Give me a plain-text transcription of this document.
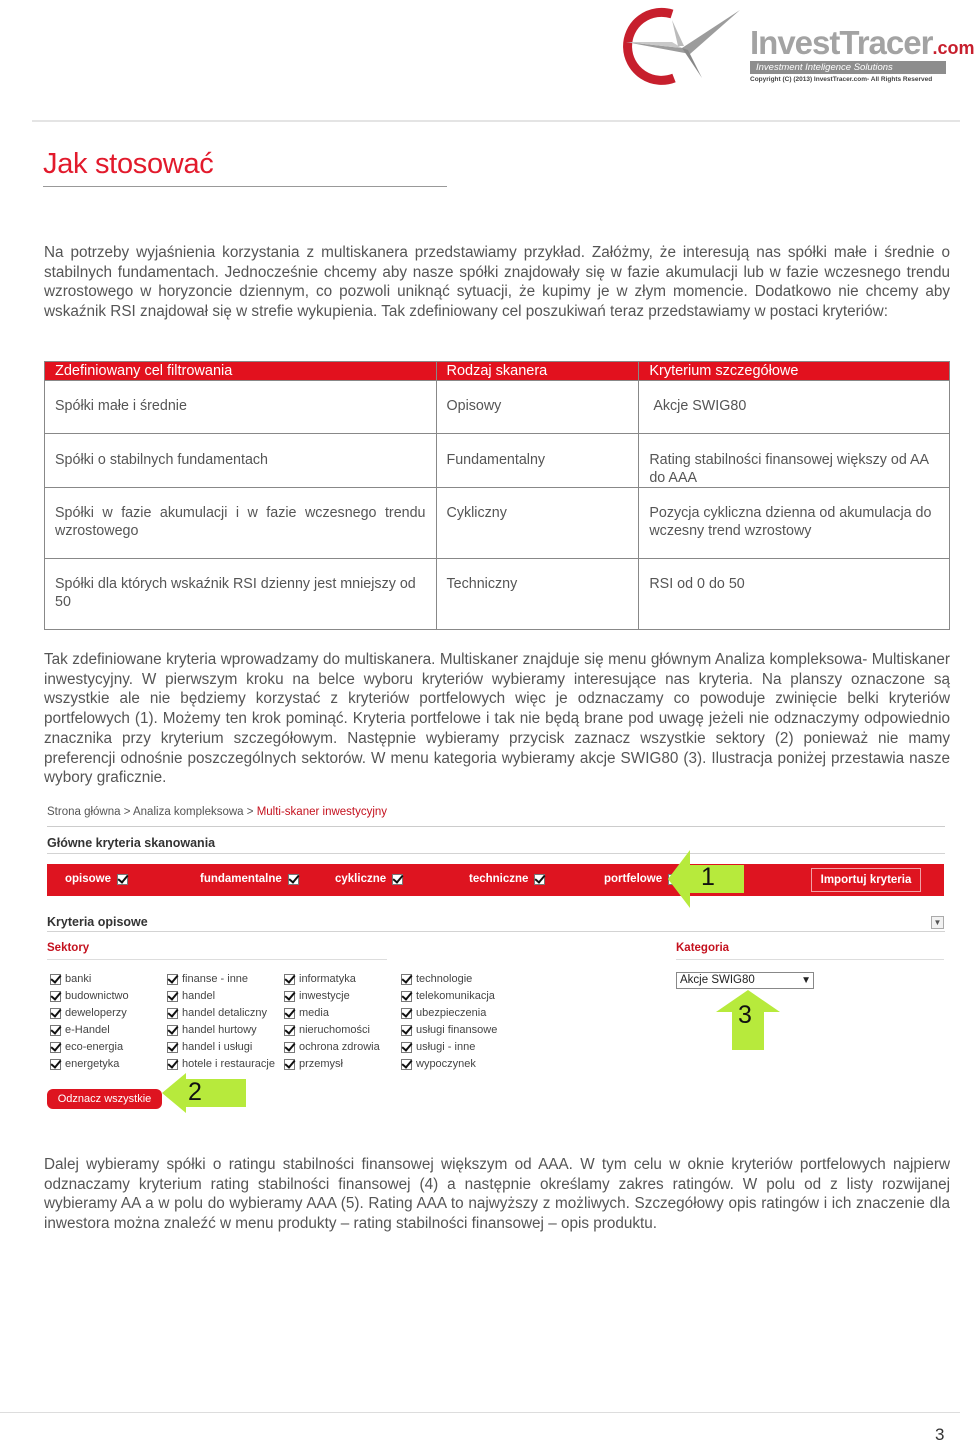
InvestTracer.com
Investment Inteligence Solutions
Copyright (C) (2013) InvestTracer.com- All Rights Reserved
Jak stosować

Na potrzeby wyjaśnienia korzystania z multiskanera przedstawiamy przykład. Załóżmy, że interesują nas spółki małe i średnie o stabilnych fundamentach. Jednocześnie chcemy aby nasze spółki znajdowały się w fazie akumulacji lub w fazie wczesnego trendu wzrostowego w horyzoncie dziennym, co pozwoli uniknąć sytuacji, że kupimy je w złym momencie. Dodatkowo nie chcemy aby wskaźnik RSI znajdował się w strefie wykupienia. Tak zdefiniowany cel poszukiwań teraz przedstawiamy w postaci kryteriów:

Zdefiniowany cel filtrowania	Rodzaj skanera	Kryterium szczegółowe
Spółki małe i średnie	Opisowy	Akcje SWIG80
Spółki o stabilnych fundamentach	Fundamentalny	Rating stabilności finansowej większy od AA do AAA
Spółki w fazie akumulacji i w fazie wczesnego trendu wzrostowego	Cykliczny	Pozycja cykliczna dzienna od akumulacja do wczesny trend wzrostowy
Spółki dla których wskaźnik RSI dzienny jest mniejszy od 50	Techniczny	RSI od 0 do 50

Tak zdefiniowane kryteria wprowadzamy do multiskanera. Multiskaner znajduje się menu głównym Analiza kompleksowa- Multiskaner inwestycyjny. W pierwszym kroku na belce wyboru kryteriów wybieramy interesujące nas kryteria. Na planszy oznaczone są wszystkie ale nie będziemy korzystać z kryteriów portfelowych więc je odznaczamy co powoduje zwinięcie belki kryteriów portfelowych (1). Możemy ten krok pominąć. Kryteria portfelowe i tak nie będą brane pod uwagę jeżeli nie odznaczymy odpowiednio znacznika przy kryterium szczegółowym. Następnie wybieramy przycisk zaznacz wszystkie sektory (2) ponieważ nie mamy preferencji odnośnie poszczególnych sektorów. W menu kategoria wybieramy akcje SWIG80 (3). Ilustracja poniżej przestawia nasze wybory graficznie.

Strona główna > Analiza kompleksowa > Multi-skaner inwestycyjny
Główne kryteria skanowania
opisowe	fundamentalne	cykliczne	techniczne	portfelowe	Importuj kryteria
Kryteria opisowe	▼
Sektory	Kategoria
banki
budownictwo
deweloperzy
e-Handel
eco-energia
energetyka
finanse - inne
handel
handel detaliczny
handel hurtowy
handel i usługi
hotele i restauracje
informatyka
inwestycje
media
nieruchomości
ochrona zdrowia
przemysł
technologie
telekomunikacja
ubezpieczenia
usługi finansowe
usługi - inne
wypoczynek
Akcje SWIG80	▼
Odznacz wszystkie
1
2
3

Dalej wybieramy spółki o ratingu stabilności finansowej większym od AAA. W tym celu w oknie kryteriów portfelowych najpierw odznaczamy kryterium rating stabilności finansowej (4) a następnie określamy zakres ratingów. W polu od z listy rozwijanej wybieramy AA a w polu do wybieramy AAA (5). Rating AAA to najwyższy z możliwych. Szczegółowy opis ratingów i ich znaczenie dla inwestora można znaleźć w menu produkty – rating stabilności finansowej – opis produktu.

3
